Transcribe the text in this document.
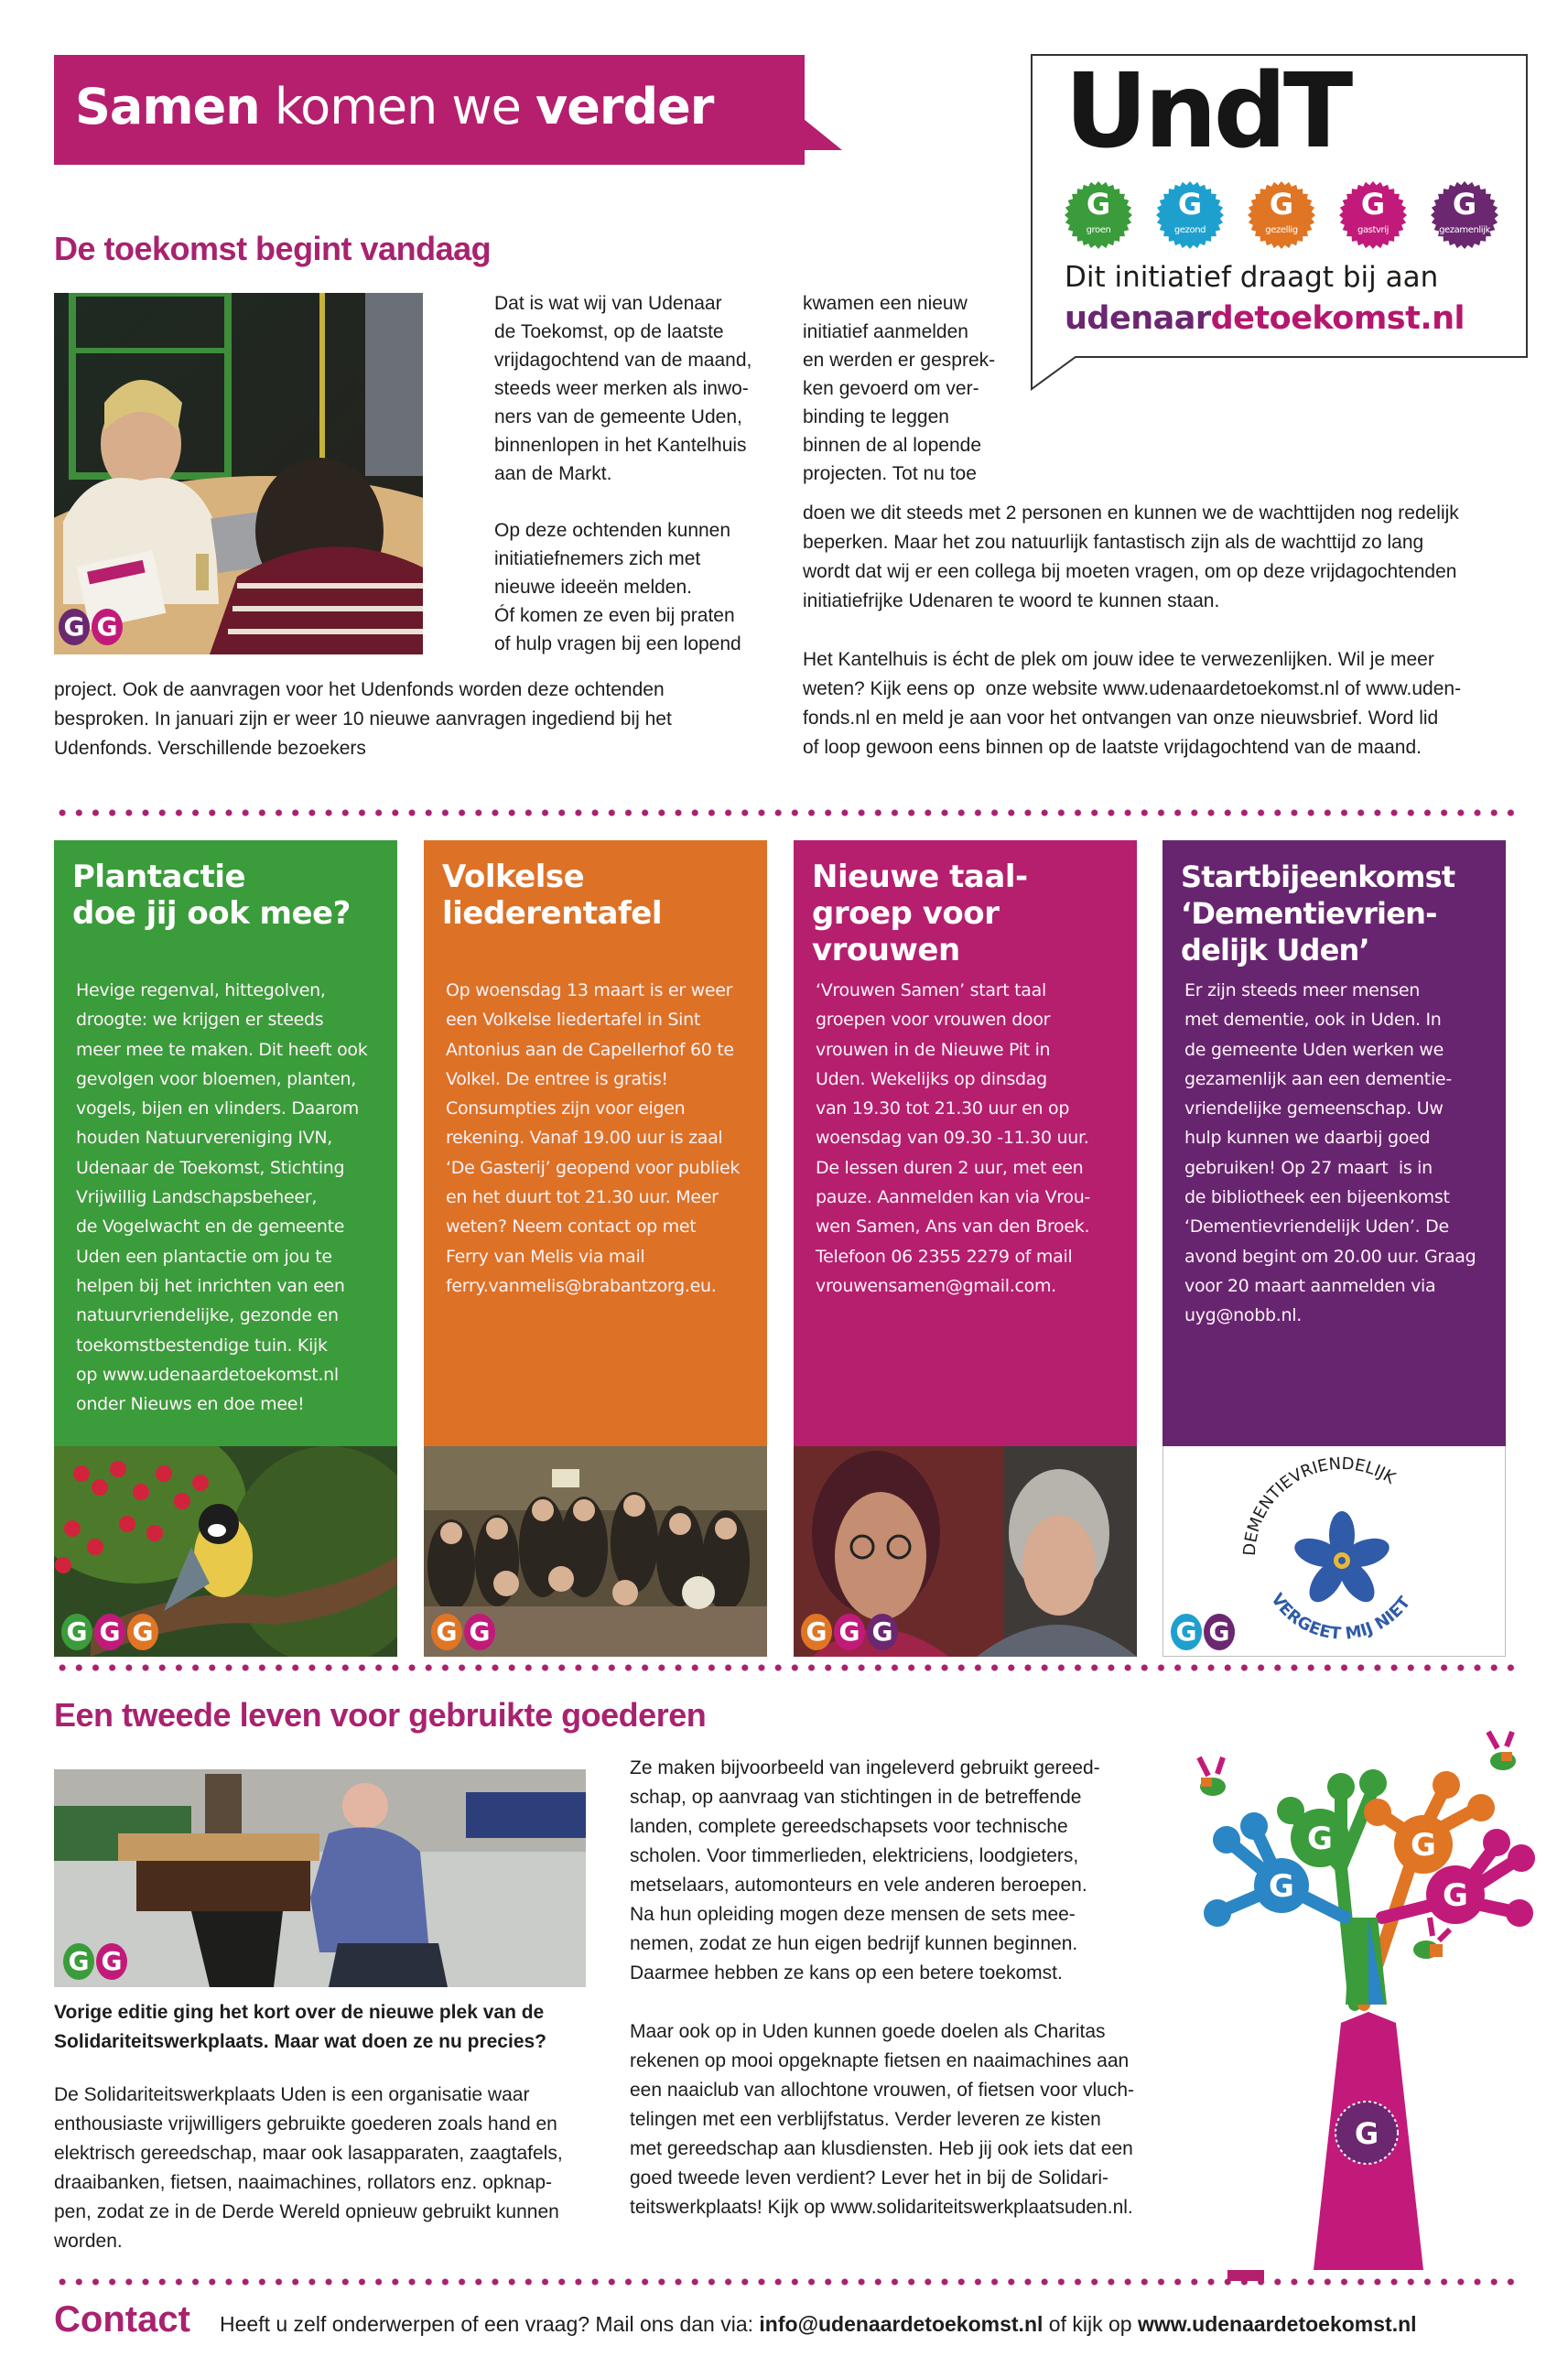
Samen komen we verder	UndT
G
groen
G
gezond
G
gezellig
G
gastvrij
G
gezamenlijk
Dit initiatief draagt bij aan
udenaardetoekomst.nl
De toekomst begint vandaag
G G
Dat is wat wij van Udenaar
de Toekomst, op de laatste
vrijdagochtend van de maand,
steeds weer merken als inwo-
ners van de gemeente Uden,
binnenlopen in het Kantelhuis
aan de Markt.

Op deze ochtenden kunnen
initiatiefnemers zich met
nieuwe ideeën melden.
Óf komen ze even bij praten
of hulp vragen bij een lopend
project. Ook de aanvragen voor het Udenfonds worden deze ochtenden
besproken. In januari zijn er weer 10 nieuwe aanvragen ingediend bij het
Udenfonds. Verschillende bezoekers
kwamen een nieuw
initiatief aanmelden
en werden er gesprek-
ken gevoerd om ver-
binding te leggen
binnen de al lopende
projecten. Tot nu toe
doen we dit steeds met 2 personen en kunnen we de wachttijden nog redelijk
beperken. Maar het zou natuurlijk fantastisch zijn als de wachttijd zo lang
wordt dat wij er een collega bij moeten vragen, om op deze vrijdagochtenden
initiatiefrijke Udenaren te woord te kunnen staan.

Het Kantelhuis is écht de plek om jouw idee te verwezenlijken. Wil je meer
weten? Kijk eens op  onze website www.udenaardetoekomst.nl of www.uden-
fonds.nl en meld je aan voor het ontvangen van onze nieuwsbrief. Word lid
of loop gewoon eens binnen op de laatste vrijdagochtend van de maand.
Plantactie
doe jij ook mee?
Hevige regenval, hittegolven,
droogte: we krijgen er steeds
meer mee te maken. Dit heeft ook
gevolgen voor bloemen, planten,
vogels, bijen en vlinders. Daarom
houden Natuurvereniging IVN,
Udenaar de Toekomst, Stichting
Vrijwillig Landschapsbeheer,
de Vogelwacht en de gemeente
Uden een plantactie om jou te
helpen bij het inrichten van een
natuurvriendelijke, gezonde en
toekomstbestendige tuin. Kijk
op www.udenaardetoekomst.nl
onder Nieuws en doe mee!
Volkelse
liederentafel
Op woensdag 13 maart is er weer
een Volkelse liedertafel in Sint
Antonius aan de Capellerhof 60 te
Volkel. De entree is gratis!
Consumpties zijn voor eigen
rekening. Vanaf 19.00 uur is zaal
‘De Gasterij’ geopend voor publiek
en het duurt tot 21.30 uur. Meer
weten? Neem contact op met
Ferry van Melis via mail
ferry.vanmelis@brabantzorg.eu.
Nieuwe taal-
groep voor
vrouwen
‘Vrouwen Samen’ start taal
groepen voor vrouwen door
vrouwen in de Nieuwe Pit in
Uden. Wekelijks op dinsdag
van 19.30 tot 21.30 uur en op
woensdag van 09.30 -11.30 uur.
De lessen duren 2 uur, met een
pauze. Aanmelden kan via Vrou-
wen Samen, Ans van den Broek.
Telefoon 06 2355 2279 of mail
vrouwensamen@gmail.com.
Startbijeenkomst
‘Dementievrien-
delijk Uden’
Er zijn steeds meer mensen
met dementie, ook in Uden. In
de gemeente Uden werken we
gezamenlijk aan een dementie-
vriendelijke gemeenschap. Uw
hulp kunnen we daarbij goed
gebruiken! Op 27 maart  is in
de bibliotheek een bijeenkomst
‘Dementievriendelijk Uden’. De
avond begint om 20.00 uur. Graag
voor 20 maart aanmelden via
uyg@nobb.nl.
G G G	G G	G G G
DEMENTIEVRIENDELIJK
VERGEET MIJ NIET
G G
Een tweede leven voor gebruikte goederen
G G
Vorige editie ging het kort over de nieuwe plek van de
Solidariteitswerkplaats. Maar wat doen ze nu precies?
De Solidariteitswerkplaats Uden is een organisatie waar
enthousiaste vrijwilligers gebruikte goederen zoals hand en
elektrisch gereedschap, maar ook lasapparaten, zaagtafels,
draaibanken, fietsen, naaimachines, rollators enz. opknap-
pen, zodat ze in de Derde Wereld opnieuw gebruikt kunnen
worden.
Ze maken bijvoorbeeld van ingeleverd gebruikt gereed-
schap, op aanvraag van stichtingen in de betreffende
landen, complete gereedschapsets voor technische
scholen. Voor timmerlieden, elektriciens, loodgieters,
metselaars, automonteurs en vele anderen beroepen.
Na hun opleiding mogen deze mensen de sets mee-
nemen, zodat ze hun eigen bedrijf kunnen beginnen.
Daarmee hebben ze kans op een betere toekomst.

Maar ook op in Uden kunnen goede doelen als Charitas
rekenen op mooi opgeknapte fietsen en naaimachines aan
een naaiclub van allochtone vrouwen, of fietsen voor vluch-
telingen met een verblijfstatus. Verder leveren ze kisten
met gereedschap aan klusdiensten. Heb jij ook iets dat een
goed tweede leven verdient? Lever het in bij de Solidari-
teitswerkplaats! Kijk op www.solidariteitswerkplaatsuden.nl.
G	G
G	G
G
Contact Heeft u zelf onderwerpen of een vraag? Mail ons dan via: info@udenaardetoekomst.nl of kijk op www.udenaardetoekomst.nl
